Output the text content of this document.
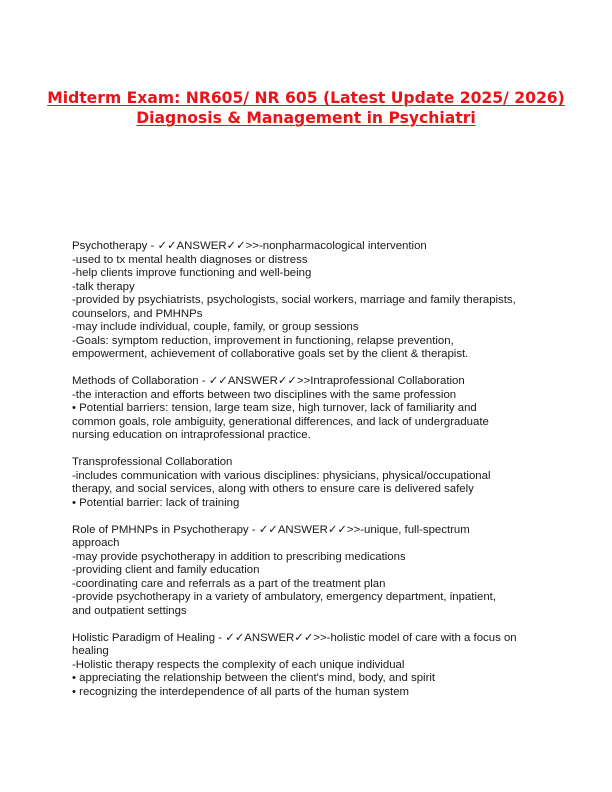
Midterm Exam: NR605/ NR 605 (Latest Update 2025/ 2026)
Diagnosis & Management in Psychiatri
Psychotherapy - ✓✓ANSWER✓✓>>-nonpharmacological intervention
-used to tx mental health diagnoses or distress
-help clients improve functioning and well-being
-talk therapy
-provided by psychiatrists, psychologists, social workers, marriage and family therapists,
counselors, and PMHNPs
-may include individual, couple, family, or group sessions
-Goals: symptom reduction, improvement in functioning, relapse prevention,
empowerment, achievement of collaborative goals set by the client & therapist.
Methods of Collaboration - ✓✓ANSWER✓✓>>Intraprofessional Collaboration
-the interaction and efforts between two disciplines with the same profession
• Potential barriers: tension, large team size, high turnover, lack of familiarity and
common goals, role ambiguity, generational differences, and lack of undergraduate
nursing education on intraprofessional practice.
Transprofessional Collaboration
-includes communication with various disciplines: physicians, physical/occupational
therapy, and social services, along with others to ensure care is delivered safely
• Potential barrier: lack of training
Role of PMHNPs in Psychotherapy - ✓✓ANSWER✓✓>>-unique, full-spectrum
approach
-may provide psychotherapy in addition to prescribing medications
-providing client and family education
-coordinating care and referrals as a part of the treatment plan
-provide psychotherapy in a variety of ambulatory, emergency department, inpatient,
and outpatient settings
Holistic Paradigm of Healing - ✓✓ANSWER✓✓>>-holistic model of care with a focus on
healing
-Holistic therapy respects the complexity of each unique individual
• appreciating the relationship between the client's mind, body, and spirit
• recognizing the interdependence of all parts of the human system
